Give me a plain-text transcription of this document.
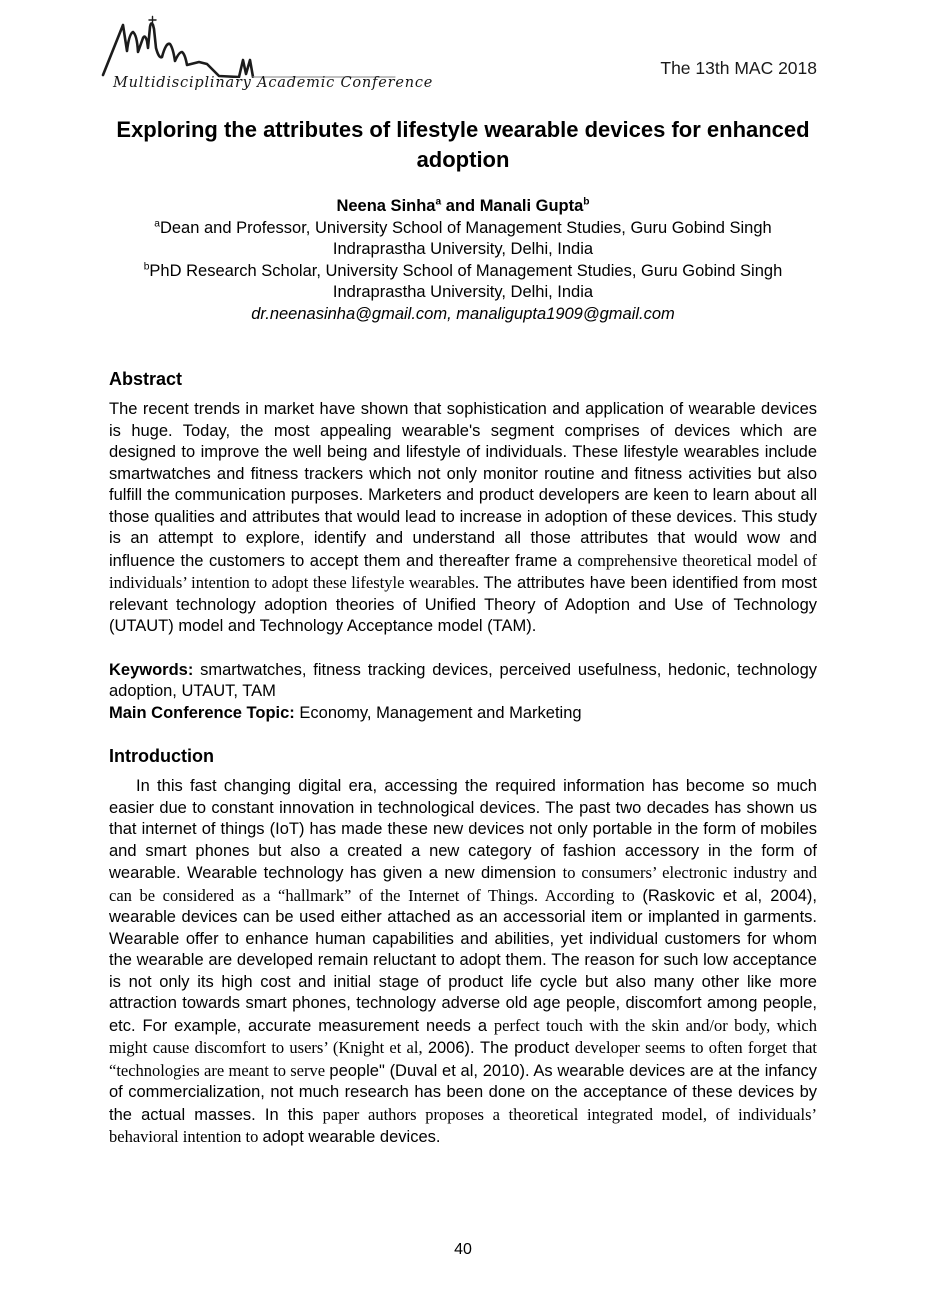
Multidisciplinary Academic Conference
The 13th MAC 2018
Exploring the attributes of lifestyle wearable devices for enhanced adoption

Neena Sinha$^a$ and Manali Gupta$^b$

$^a$Dean and Professor, University School of Management Studies, Guru Gobind Singh Indraprastha University, Delhi, India

$^b$PhD Research Scholar, University School of Management Studies, Guru Gobind Singh Indraprastha University, Delhi, India

dr.neenasinha@gmail.com, manaligupta1909@gmail.com

Abstract

The recent trends in market have shown that sophistication and application of wearable devices is huge. Today, the most appealing wearable's segment comprises of devices which are designed to improve the well being and lifestyle of individuals. These lifestyle wearables include smartwatches and fitness trackers which not only monitor routine and fitness activities but also fulfill the communication purposes. Marketers and product developers are keen to learn about all those qualities and attributes that would lead to increase in adoption of these devices. This study is an attempt to explore, identify and understand all those attributes that would wow and influence the customers to accept them and thereafter frame a comprehensive theoretical model of individuals’ intention to adopt these lifestyle wearables. The attributes have been identified from most relevant technology adoption theories of Unified Theory of Adoption and Use of Technology (UTAUT) model and Technology Acceptance model (TAM).

Keywords: smartwatches, fitness tracking devices, perceived usefulness, hedonic, technology adoption, UTAUT, TAM

Main Conference Topic: Economy, Management and Marketing

Introduction

In this fast changing digital era, accessing the required information has become so much easier due to constant innovation in technological devices. The past two decades has shown us that internet of things (IoT) has made these new devices not only portable in the form of mobiles and smart phones but also a created a new category of fashion accessory in the form of wearable. Wearable technology has given a new dimension to consumers’ electronic industry and can be considered as a “hallmark” of the Internet of Things. According to (Raskovic et al, 2004), wearable devices can be used either attached as an accessorial item or implanted in garments. Wearable offer to enhance human capabilities and abilities, yet individual customers for whom the wearable are developed remain reluctant to adopt them. The reason for such low acceptance is not only its high cost and initial stage of product life cycle but also many other like more attraction towards smart phones, technology adverse old age people, discomfort among people, etc. For example, accurate measurement needs a perfect touch with the skin and/or body, which might cause discomfort to users’ (Knight et al, 2006). The product developer seems to often forget that “technologies are meant to serve people" (Duval et al, 2010). As wearable devices are at the infancy of commercialization, not much research has been done on the acceptance of these devices by the actual masses. In this paper authors proposes a theoretical integrated model, of individuals’ behavioral intention to adopt wearable devices.

40
